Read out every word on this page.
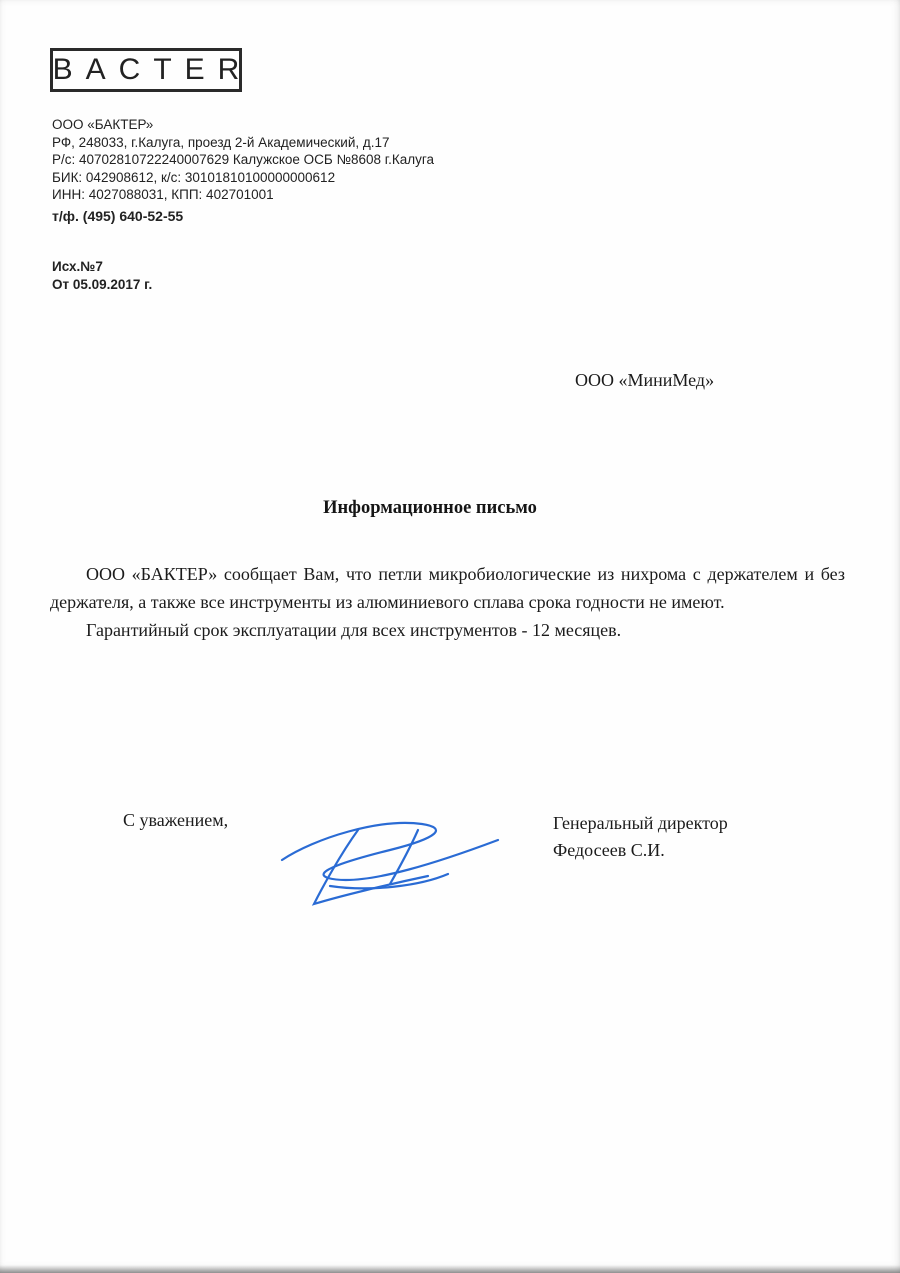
BACTER
ООО «БАКТЕР»
РФ, 248033, г.Калуга, проезд 2-й Академический, д.17
Р/с: 40702810722240007629 Калужское ОСБ №8608 г.Калуга
БИК: 042908612, к/с: 30101810100000000612
ИНН: 4027088031, КПП: 402701001
т/ф. (495) 640-52-55
Исх.№7
От 05.09.2017 г.
ООО «МиниМед»
Информационное письмо

ООО «БАКТЕР» сообщает Вам, что петли микробиологические из нихрома с держателем и без держателя, а также все инструменты из алюминиевого сплава срока годности не имеют.

Гарантийный срок эксплуатации для всех инструментов - 12 месяцев.

С уважением,	Генеральный директор
Федосеев С.И.
